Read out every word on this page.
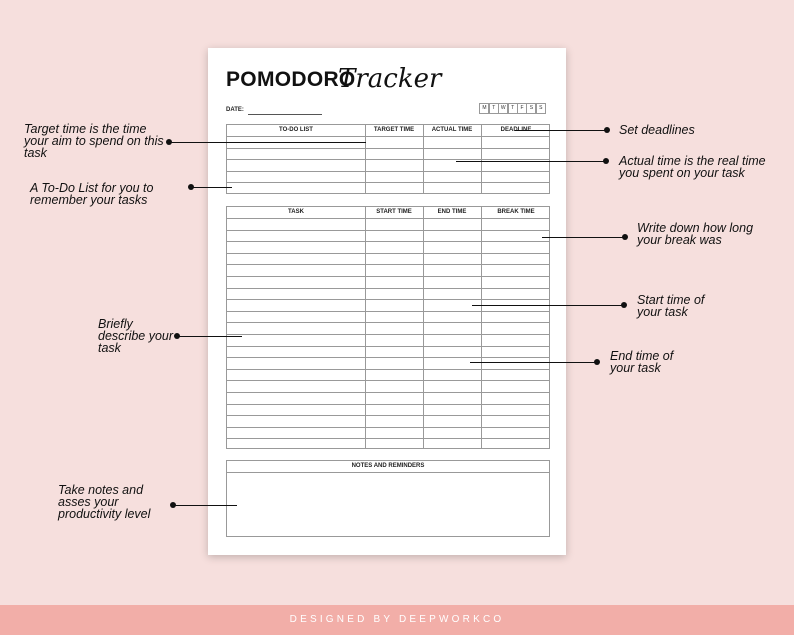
POMODORO
Tracker
DATE:	M	T	W	T	F	S	S
TO-DO LIST	TARGET TIME	ACTUAL TIME	DEADLINE
TASK	START TIME	END TIME	BREAK TIME
NOTES AND REMINDERS
Target time is the time your aim to spend on this task
A To-Do List for you to remember your tasks
Briefly describe your task
Take notes and asses your productivity level
Set deadlines
Actual time is the real time you spent on your task
Write down how long your break was
Start time of your task
End time of your task
DESIGNED BY DEEPWORKCO
